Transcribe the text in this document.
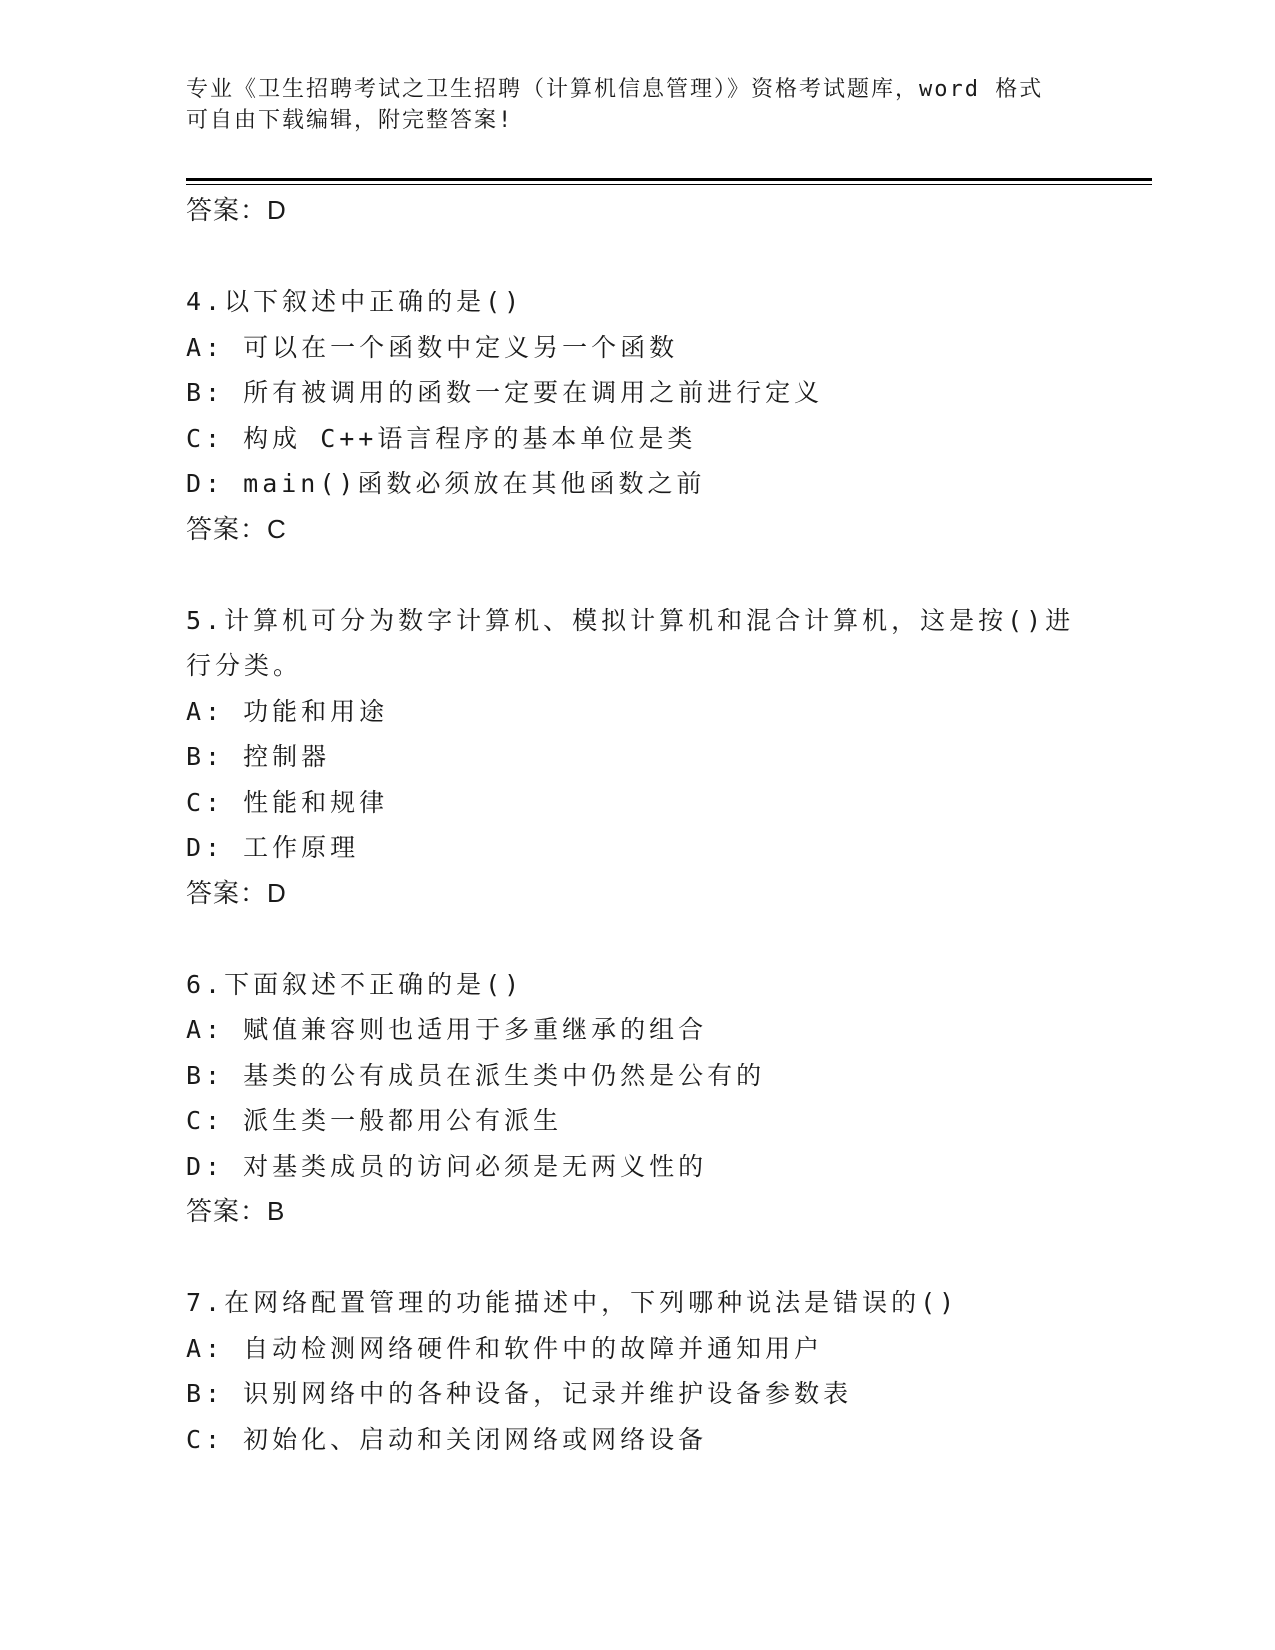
专业《卫生招聘考试之卫生招聘（计算机信息管理）》资格考试题库，word 格式
可自由下载编辑，附完整答案!
答案：D
4.以下叙述中正确的是()
A: 可以在一个函数中定义另一个函数
B: 所有被调用的函数一定要在调用之前进行定义
C: 构成 C++语言程序的基本单位是类
D: main()函数必须放在其他函数之前
答案：C
5.计算机可分为数字计算机、模拟计算机和混合计算机，这是按()进
行分类。
A: 功能和用途
B: 控制器
C: 性能和规律
D: 工作原理
答案：D
6.下面叙述不正确的是()
A: 赋值兼容则也适用于多重继承的组合
B: 基类的公有成员在派生类中仍然是公有的
C: 派生类一般都用公有派生
D: 对基类成员的访问必须是无两义性的
答案：B
7.在网络配置管理的功能描述中，下列哪种说法是错误的()
A: 自动检测网络硬件和软件中的故障并通知用户
B: 识别网络中的各种设备，记录并维护设备参数表
C: 初始化、启动和关闭网络或网络设备
